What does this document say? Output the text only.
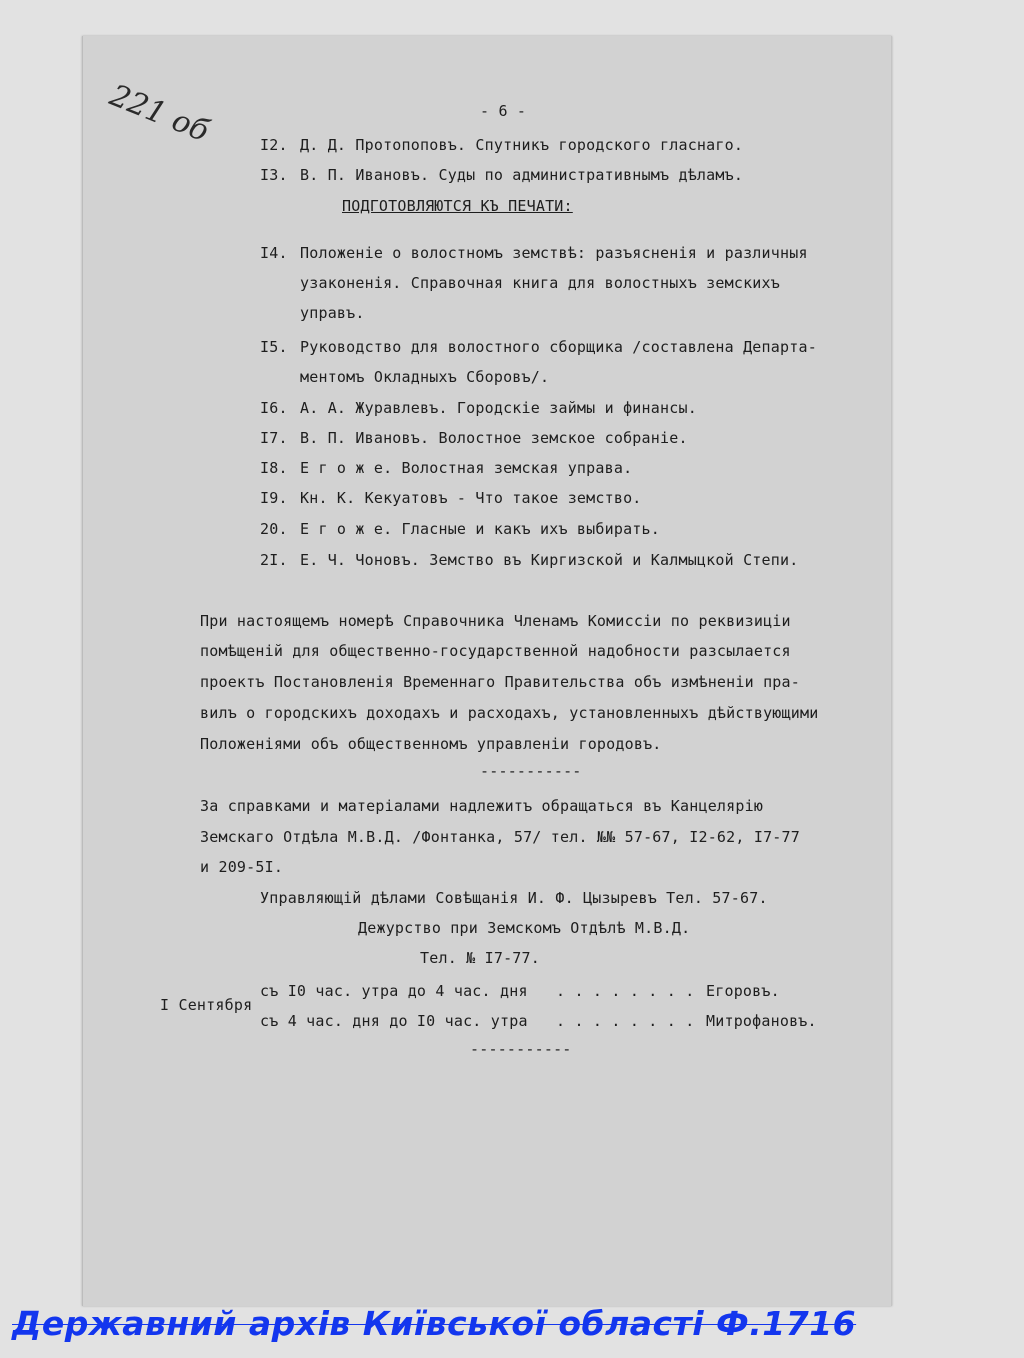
221 об	- 6 -
I2. Д. Д. Протопоповъ. Спутникъ городского гласнаго.
I3. В. П. Ивановъ. Суды по административнымъ дѣламъ.
ПОДГОТОВЛЯЮТСЯ КЪ ПЕЧАТИ:
I4. Положеніе о волостномъ земствѣ: разъясненія и различныя
узаконенія. Справочная книга для волостныхъ земскихъ
управъ.
I5. Руководство для волостного сборщика /составлена Департа-
ментомъ Окладныхъ Сборовъ/.
I6. А. А. Журавлевъ. Городскіе займы и финансы.
I7. В. П. Ивановъ. Волостное земское собраніе.
I8. Е г о ж е. Волостная земская управа.
I9. Кн. К. Кекуатовъ - Что такое земство.
20. Е г о ж е. Гласные и какъ ихъ выбирать.
2I. Е. Ч. Чоновъ. Земство въ Киргизской и Калмыцкой Степи.
При настоящемъ номерѣ Справочника Членамъ Комиссіи по реквизиціи
помѣщеній для общественно-государственной надобности разсылается
проектъ Постановленія Временнаго Правительства объ измѣненіи пра-
вилъ о городскихъ доходахъ и расходахъ, установленныхъ дѣйствующими
Положеніями объ общественномъ управленіи городовъ.
-----------
За справками и матеріалами надлежитъ обращаться въ Канцелярію
Земскаго Отдѣла М.В.Д. /Фонтанка, 57/ тел. №№ 57-67, I2-62, I7-77
и 209-5I.
Управляющій дѣлами Совѣщанія И. Ф. Цызыревъ Тел. 57-67.
Дежурство при Земскомъ Отдѣлѣ М.В.Д.
Тел. № I7-77.
I Сентября
съ I0 час. утра до 4 час. дня . . . . . . . . Егоровъ.
съ 4 час. дня до I0 час. утра . . . . . . . . Митрофановъ.
-----------
Державний архів Київської області Ф.1716
